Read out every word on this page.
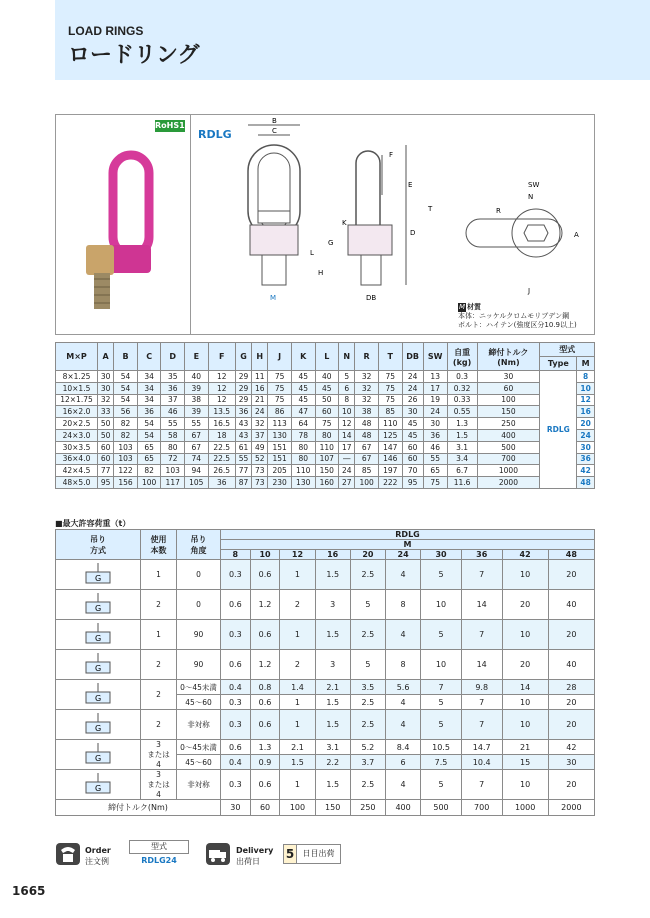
LOAD RINGS
ロードリング
RoHS10
RDLG
B
C
F
E
T
D
G
H
L
M
K
DB
SW
N
R
A
J
M 材質
本体：ニッケルクロムモリブデン鋼
ボルト：ハイテン(強度区分10.9以上)
M×P	A	B	C	D	E	F	G	H	J	K	L	N	R	T	DB	SW	自重
(kg)	締付トルク
(Nm)	型式	
																			Type	M
8×1.25	30	54	34	35	40	12	29	11	75	45	40	5	32	75	24	13	0.3	30	RDLG	8
10×1.5	30	54	34	36	39	12	29	16	75	45	45	6	32	75	24	17	0.32	60		10
12×1.75	32	54	34	37	38	12	29	21	75	45	50	8	32	75	26	19	0.33	100		12
16×2.0	33	56	36	46	39	13.5	36	24	86	47	60	10	38	85	30	24	0.55	150		16
20×2.5	50	82	54	55	55	16.5	43	32	113	64	75	12	48	110	45	30	1.3	250		20
24×3.0	50	82	54	58	67	18	43	37	130	78	80	14	48	125	45	36	1.5	400		24
30×3.5	60	103	65	80	67	22.5	61	49	151	80	110	17	67	147	60	46	3.1	500		30
36×4.0	60	103	65	72	74	22.5	55	52	151	80	107	―	67	146	60	55	3.4	700		36
42×4.5	77	122	82	103	94	26.5	77	73	205	110	150	24	85	197	70	65	6.7	1000		42
48×5.0	95	156	100	117	105	36	87	73	230	130	160	27	100	222	95	75	11.6	2000		48
■最大許容荷重（t）
吊り
方式	使用
本数	吊り
角度	RDLG									
			M									
			8	10	12	16	20	24	30	36	42	48

G	1	0	0.3	0.6	1	1.5	2.5	4	5	7	10	20

G	2	0	0.6	1.2	2	3	5	8	10	14	20	40

G	1	90	0.3	0.6	1	1.5	2.5	4	5	7	10	20

G	2	90	0.6	1.2	2	3	5	8	10	14	20	40

G	2	0～45未満	0.4	0.8	1.4	2.1	3.5	5.6	7	9.8	14	28
		45～60	0.3	0.6	1	1.5	2.5	4	5	7	10	20

G	2	非対称	0.3	0.6	1	1.5	2.5	4	5	7	10	20

G	3
または
4	0～45未満	0.6	1.3	2.1	3.1	5.2	8.4	10.5	14.7	21	42
		45～60	0.4	0.9	1.5	2.2	3.7	6	7.5	10.4	15	30

G	3
または
4	非対称	0.3	0.6	1	1.5	2.5	4	5	7	10	20
締付トルク(Nm)			30	60	100	150	250	400	500	700	1000	2000
Order
注文例
型式
RDLG24
Delivery
出荷日
5	日目出荷
1665
